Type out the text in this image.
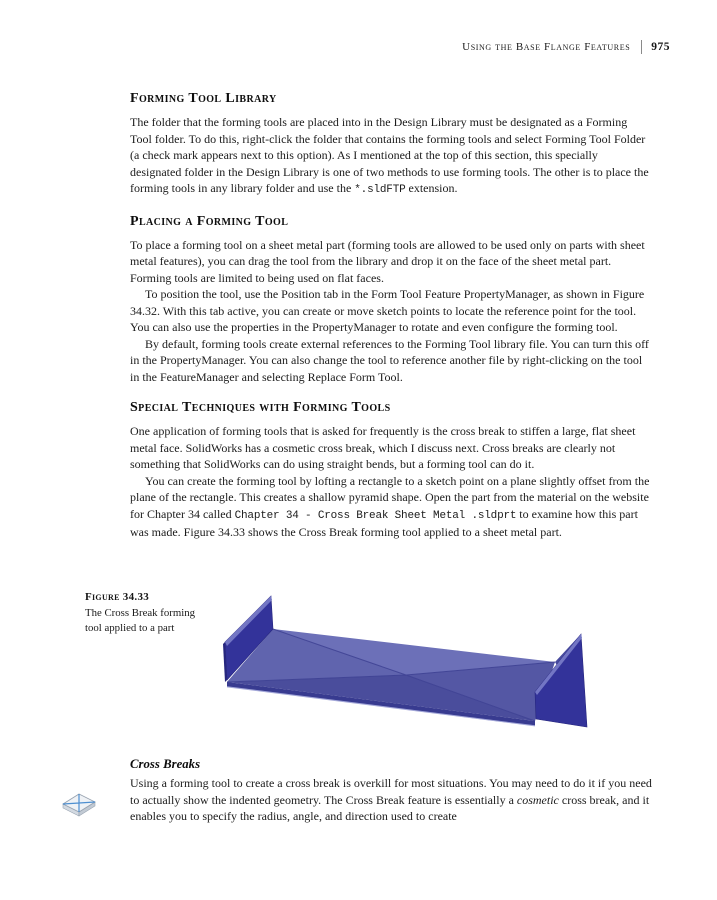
Using the Base Flange Features 975
Forming Tool Library

The folder that the forming tools are placed into in the Design Library must be designated as a Forming Tool folder. To do this, right-click the folder that contains the forming tools and select Forming Tool Folder (a check mark appears next to this option). As I mentioned at the top of this section, this specially designated folder in the Design Library is one of two methods to use forming tools. The other is to place the forming tools in any library folder and use the *.sldFTP extension.

Placing a Forming Tool

To place a forming tool on a sheet metal part (forming tools are allowed to be used only on parts with sheet metal features), you can drag the tool from the library and drop it on the face of the sheet metal part. Forming tools are limited to being used on flat faces.

To position the tool, use the Position tab in the Form Tool Feature PropertyManager, as shown in Figure 34.32. With this tab active, you can create or move sketch points to locate the reference point for the tool. You can also use the properties in the PropertyManager to rotate and even configure the forming tool.

By default, forming tools create external references to the Forming Tool library file. You can turn this off in the PropertyManager. You can also change the tool to reference another file by right-clicking on the tool in the FeatureManager and selecting Replace Form Tool.

Special Techniques with Forming Tools

One application of forming tools that is asked for frequently is the cross break to stiffen a large, flat sheet metal face. SolidWorks has a cosmetic cross break, which I discuss next. Cross breaks are clearly not something that SolidWorks can do using straight bends, but a forming tool can do it.

You can create the forming tool by lofting a rectangle to a sketch point on a plane slightly offset from the plane of the rectangle. This creates a shallow pyramid shape. Open the part from the material on the website for Chapter 34 called Chapter 34 - Cross Break Sheet Metal .sldprt to examine how this part was made. Figure 34.33 shows the Cross Break forming tool applied to a sheet metal part.

Figure 34.33
The Cross Break forming tool applied to a part
Cross Breaks

Using a forming tool to create a cross break is overkill for most situations. You may need to do it if you need to actually show the indented geometry. The Cross Break feature is essentially a cosmetic cross break, and it enables you to specify the radius, angle, and direction used to create
